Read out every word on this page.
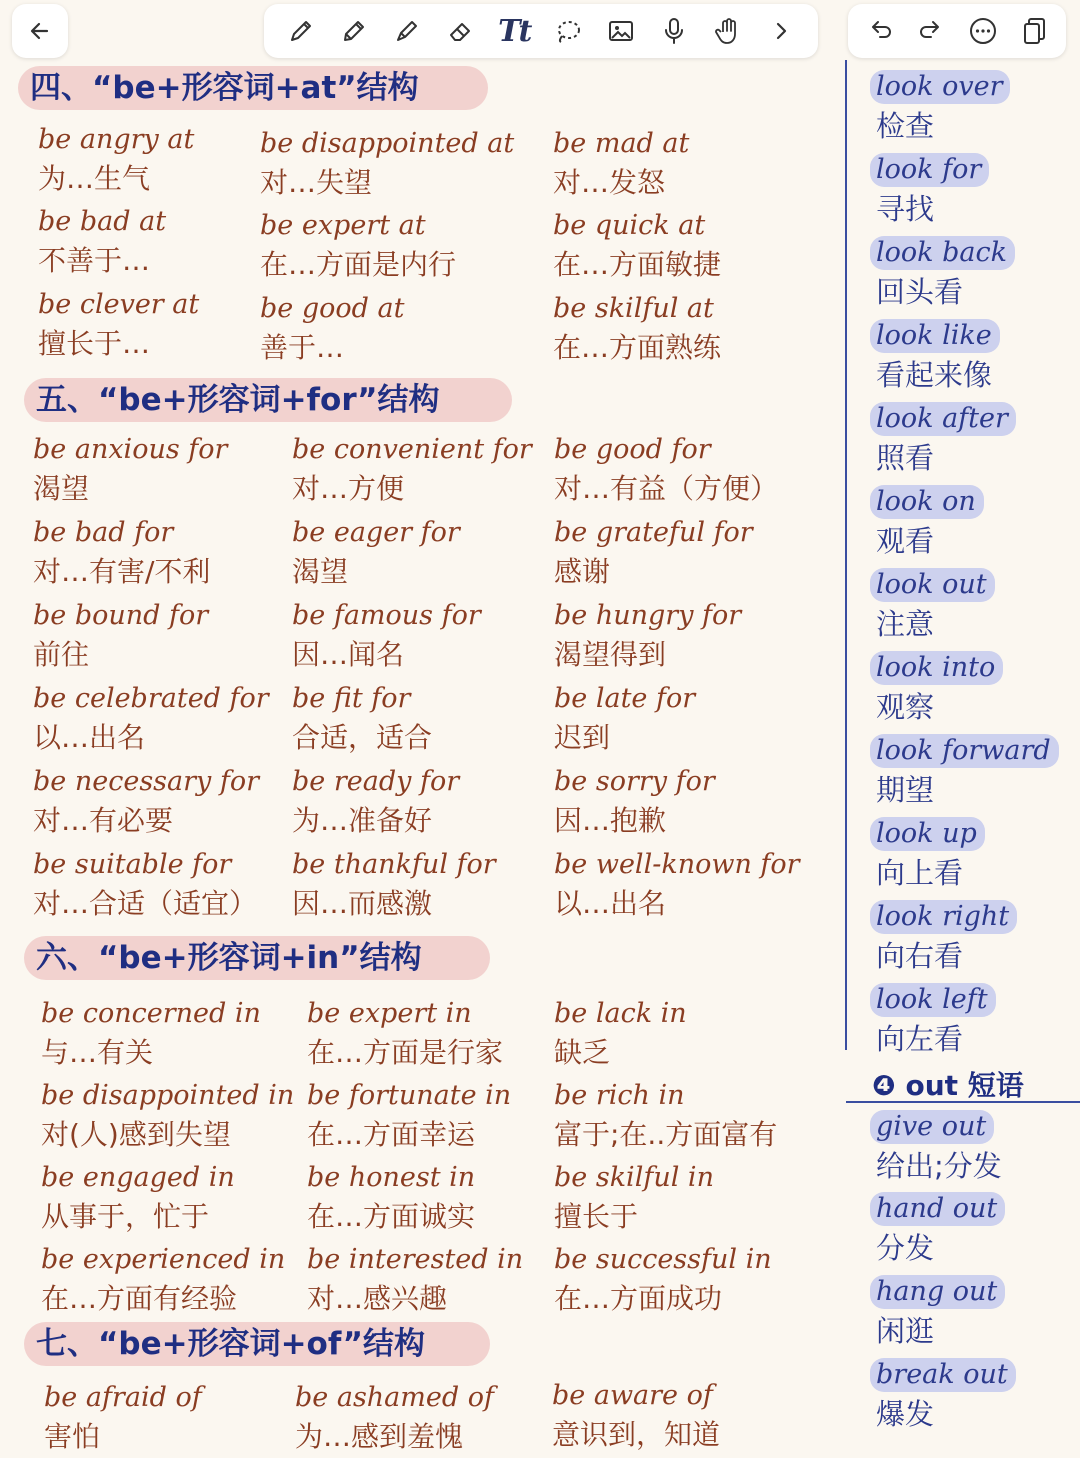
Tt
四、“be+形容词+at”结构
五、“be+形容词+for”结构
六、“be+形容词+in”结构
七、“be+形容词+of”结构
be angry at
为…生气
be disappointed at
对…失望
be mad at
对…发怒
be bad at
不善于…
be expert at
在…方面是内行
be quick at
在…方面敏捷
be clever at
擅长于…
be good at
善于…
be skilful at
在…方面熟练
be anxious for
渴望
be convenient for
对…方便
be good for
对…有益（方便）
be bad for
对…有害/不利
be eager for
渴望
be grateful for
感谢
be bound for
前往
be famous for
因…闻名
be hungry for
渴望得到
be celebrated for
以…出名
be fit for
合适，适合
be late for
迟到
be necessary for
对…有必要
be ready for
为…准备好
be sorry for
因…抱歉
be suitable for
对…合适（适宜）
be thankful for
因…而感激
be well-known for
以…出名
be concerned in
与…有关
be expert in
在…方面是行家
be lack in
缺乏
be disappointed in
对(人)感到失望
be fortunate in
在…方面幸运
be rich in
富于;在..方面富有
be engaged in
从事于，忙于
be honest in
在…方面诚实
be skilful in
擅长于
be experienced in
在…方面有经验
be interested in
对…感兴趣
be successful in
在…方面成功
be afraid of
害怕
be ashamed of
为…感到羞愧
be aware of
意识到，知道
look over
检查
look for
寻找
look back
回头看
look like
看起来像
look after
照看
look on
观看
look out
注意
look into
观察
look forward
期望
look up
向上看
look right
向右看
look left
向左看
❹ out 短语
give out
给出;分发
hand out
分发
hang out
闲逛
break out
爆发
